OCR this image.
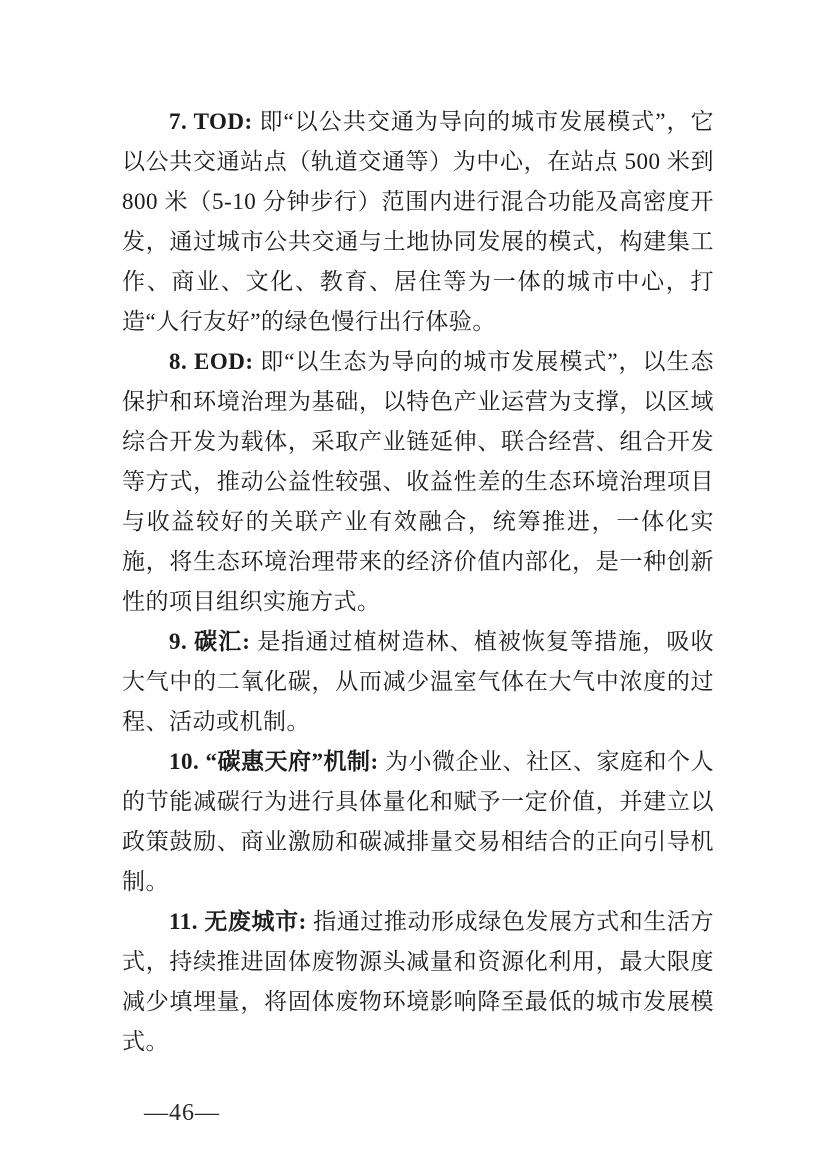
7. TOD: 即“以公共交通为导向的城市发展模式”，它以公共交通站点（轨道交通等）为中心，在站点 500 米到 800 米（5-10 分钟步行）范围内进行混合功能及高密度开发，通过城市公共交通与土地协同发展的模式，构建集工作、商业、文化、教育、居住等为一体的城市中心，打造“人行友好”的绿色慢行出行体验。

8. EOD: 即“以生态为导向的城市发展模式”，以生态保护和环境治理为基础，以特色产业运营为支撑，以区域综合开发为载体，采取产业链延伸、联合经营、组合开发等方式，推动公益性较强、收益性差的生态环境治理项目与收益较好的关联产业有效融合，统筹推进，一体化实施，将生态环境治理带来的经济价值内部化，是一种创新性的项目组织实施方式。

9. 碳汇: 是指通过植树造林、植被恢复等措施，吸收大气中的二氧化碳，从而减少温室气体在大气中浓度的过程、活动或机制。

10. “碳惠天府”机制: 为小微企业、社区、家庭和个人的节能减碳行为进行具体量化和赋予一定价值，并建立以政策鼓励、商业激励和碳减排量交易相结合的正向引导机制。

11. 无废城市: 指通过推动形成绿色发展方式和生活方式，持续推进固体废物源头减量和资源化利用，最大限度减少填埋量，将固体废物环境影响降至最低的城市发展模式。

—46—
